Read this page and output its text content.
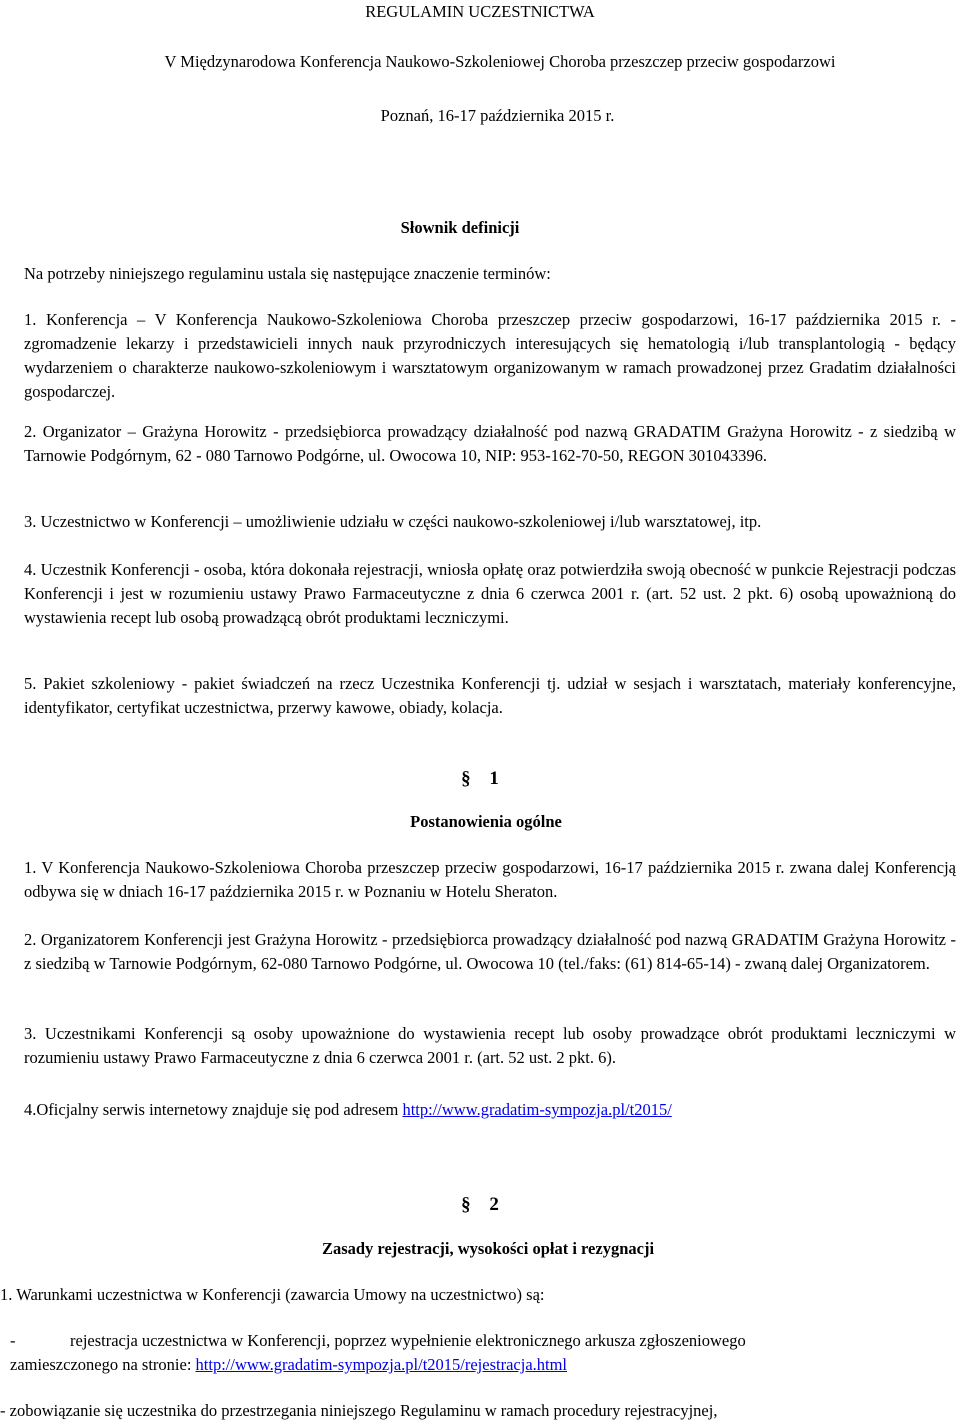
REGULAMIN UCZESTNICTWA

V Międzynarodowa Konferencja Naukowo-Szkoleniowej Choroba przeszczep przeciw gospodarzowi

Poznań, 16-17 października 2015 r.

Słownik definicji

Na potrzeby niniejszego regulaminu ustala się następujące znaczenie terminów:

1. Konferencja – V Konferencja Naukowo-Szkoleniowa Choroba przeszczep przeciw gospodarzowi, 16-17 października 2015 r. - zgromadzenie lekarzy i przedstawicieli innych nauk przyrodniczych interesujących się hematologią i/lub transplantologią - będący wydarzeniem o charakterze naukowo-szkoleniowym i warsztatowym organizowanym w ramach prowadzonej przez Gradatim działalności gospodarczej.

2. Organizator – Grażyna Horowitz - przedsiębiorca prowadzący działalność pod nazwą GRADATIM Grażyna Horowitz - z siedzibą w Tarnowie Podgórnym, 62 - 080 Tarnowo Podgórne, ul. Owocowa 10, NIP: 953-162-70-50, REGON 301043396.

3. Uczestnictwo w Konferencji – umożliwienie udziału w części naukowo-szkoleniowej i/lub warsztatowej, itp.

4. Uczestnik Konferencji - osoba, która dokonała rejestracji, wniosła opłatę oraz potwierdziła swoją obecność w punkcie Rejestracji podczas Konferencji i jest w rozumieniu ustawy Prawo Farmaceutyczne z dnia 6 czerwca 2001 r. (art. 52 ust. 2 pkt. 6) osobą upoważnioną do wystawienia recept lub osobą prowadzącą obrót produktami leczniczymi.

5. Pakiet szkoleniowy - pakiet świadczeń na rzecz Uczestnika Konferencji tj. udział w sesjach i warsztatach, materiały konferencyjne, identyfikator, certyfikat uczestnictwa, przerwy kawowe, obiady, kolacja.

§ 1

Postanowienia ogólne

1. V Konferencja Naukowo-Szkoleniowa Choroba przeszczep przeciw gospodarzowi, 16-17 października 2015 r. zwana dalej Konferencją odbywa się w dniach 16-17 października 2015 r. w Poznaniu w Hotelu Sheraton.

2. Organizatorem Konferencji jest Grażyna Horowitz - przedsiębiorca prowadzący działalność pod nazwą GRADATIM Grażyna Horowitz - z siedzibą w Tarnowie Podgórnym, 62-080 Tarnowo Podgórne, ul. Owocowa 10 (tel./faks: (61) 814-65-14) - zwaną dalej Organizatorem.

3. Uczestnikami Konferencji są osoby upoważnione do wystawienia recept lub osoby prowadzące obrót produktami leczniczymi w rozumieniu ustawy Prawo Farmaceutyczne z dnia 6 czerwca 2001 r. (art. 52 ust. 2 pkt. 6).

4.Oficjalny serwis internetowy znajduje się pod adresem http://www.gradatim-sympozja.pl/t2015/

§ 2

Zasady rejestracji, wysokości opłat i rezygnacji

1. Warunkami uczestnictwa w Konferencji (zawarcia Umowy na uczestnictwo) są:

-	rejestracja uczestnictwa w Konferencji, poprzez wypełnienie elektronicznego arkusza zgłoszeniowego
zamieszczonego na stronie: http://www.gradatim-sympozja.pl/t2015/rejestracja.html

- zobowiązanie się uczestnika do przestrzegania niniejszego Regulaminu w ramach procedury rejestracyjnej,
